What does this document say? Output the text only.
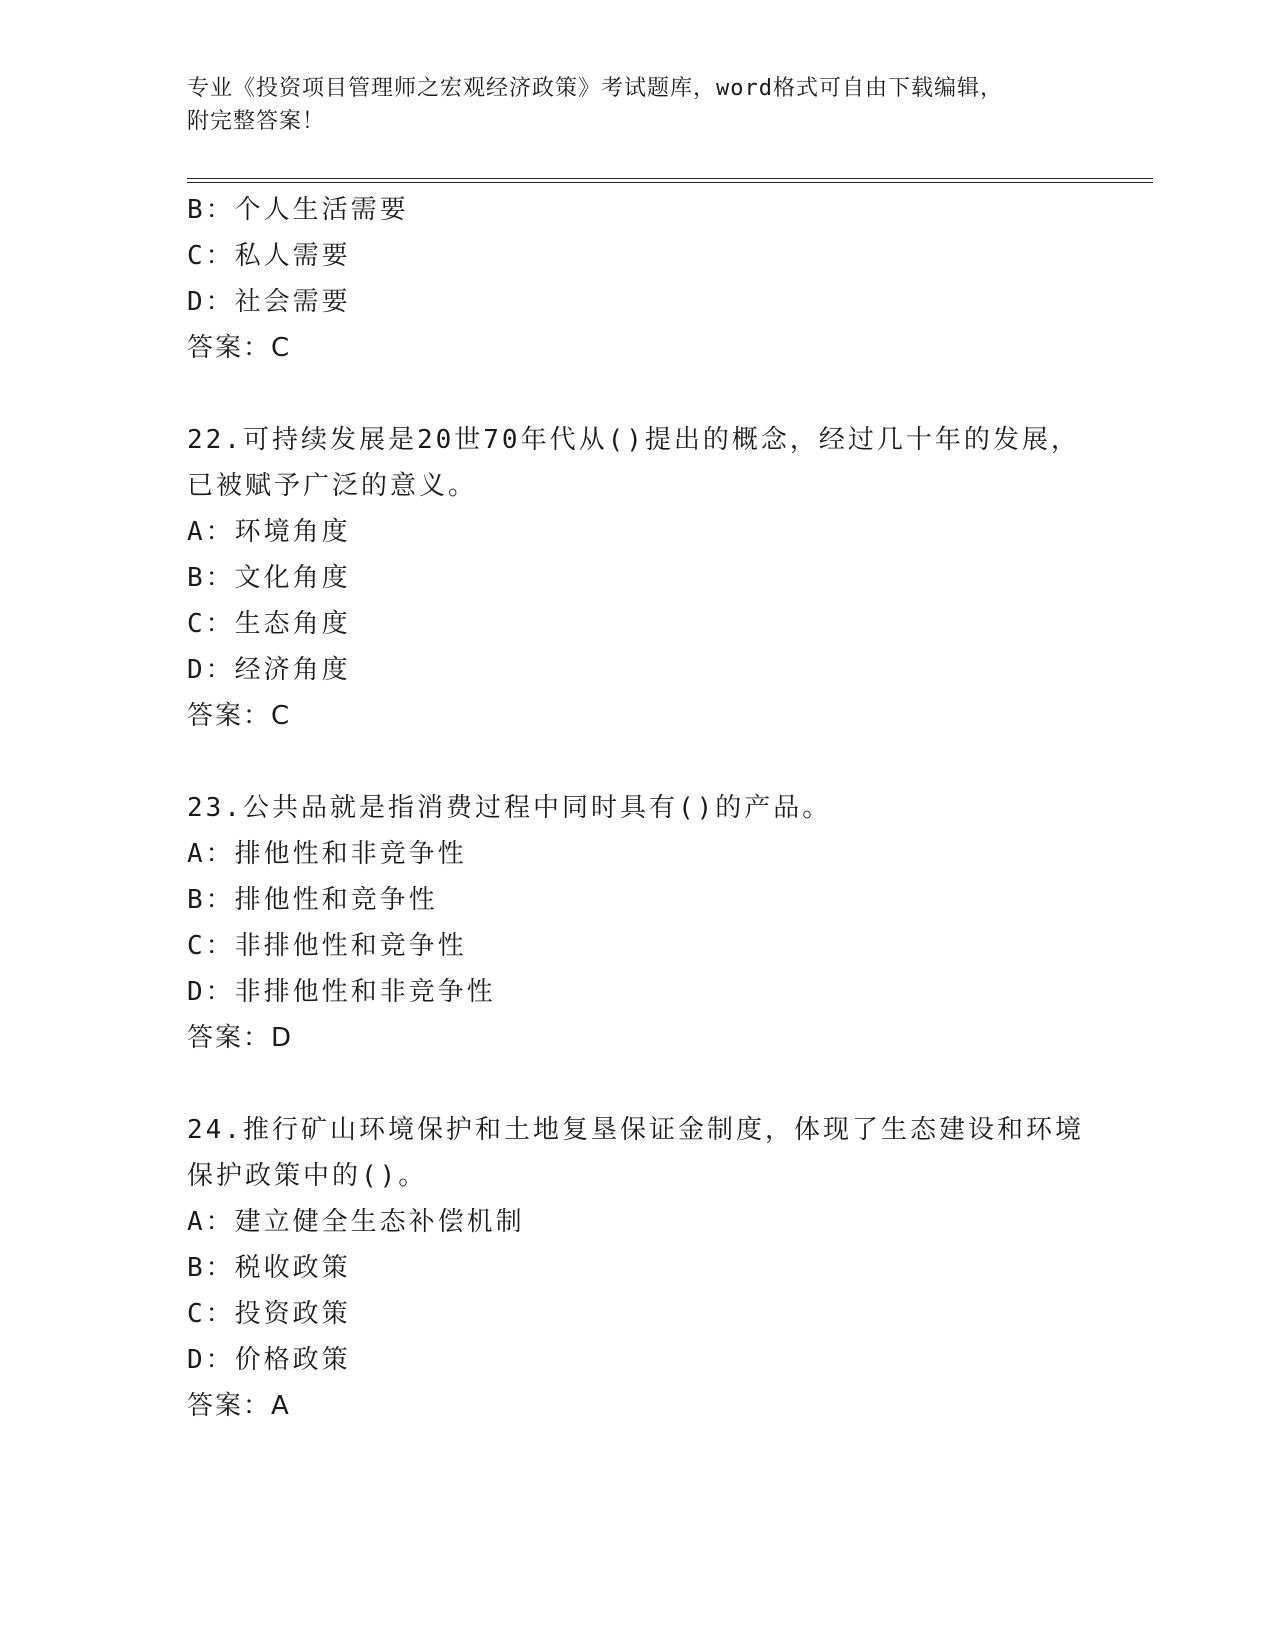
专业《投资项目管理师之宏观经济政策》考试题库，word格式可自由下载编辑，
附完整答案！
B：个人生活需要
C：私人需要
D：社会需要
答案：C
22.可持续发展是20世70年代从()提出的概念，经过几十年的发展，
已被赋予广泛的意义。
A：环境角度
B：文化角度
C：生态角度
D：经济角度
答案：C
23.公共品就是指消费过程中同时具有()的产品。
A：排他性和非竞争性
B：排他性和竞争性
C：非排他性和竞争性
D：非排他性和非竞争性
答案：D
24.推行矿山环境保护和土地复垦保证金制度，体现了生态建设和环境
保护政策中的()。
A：建立健全生态补偿机制
B：税收政策
C：投资政策
D：价格政策
答案：A
